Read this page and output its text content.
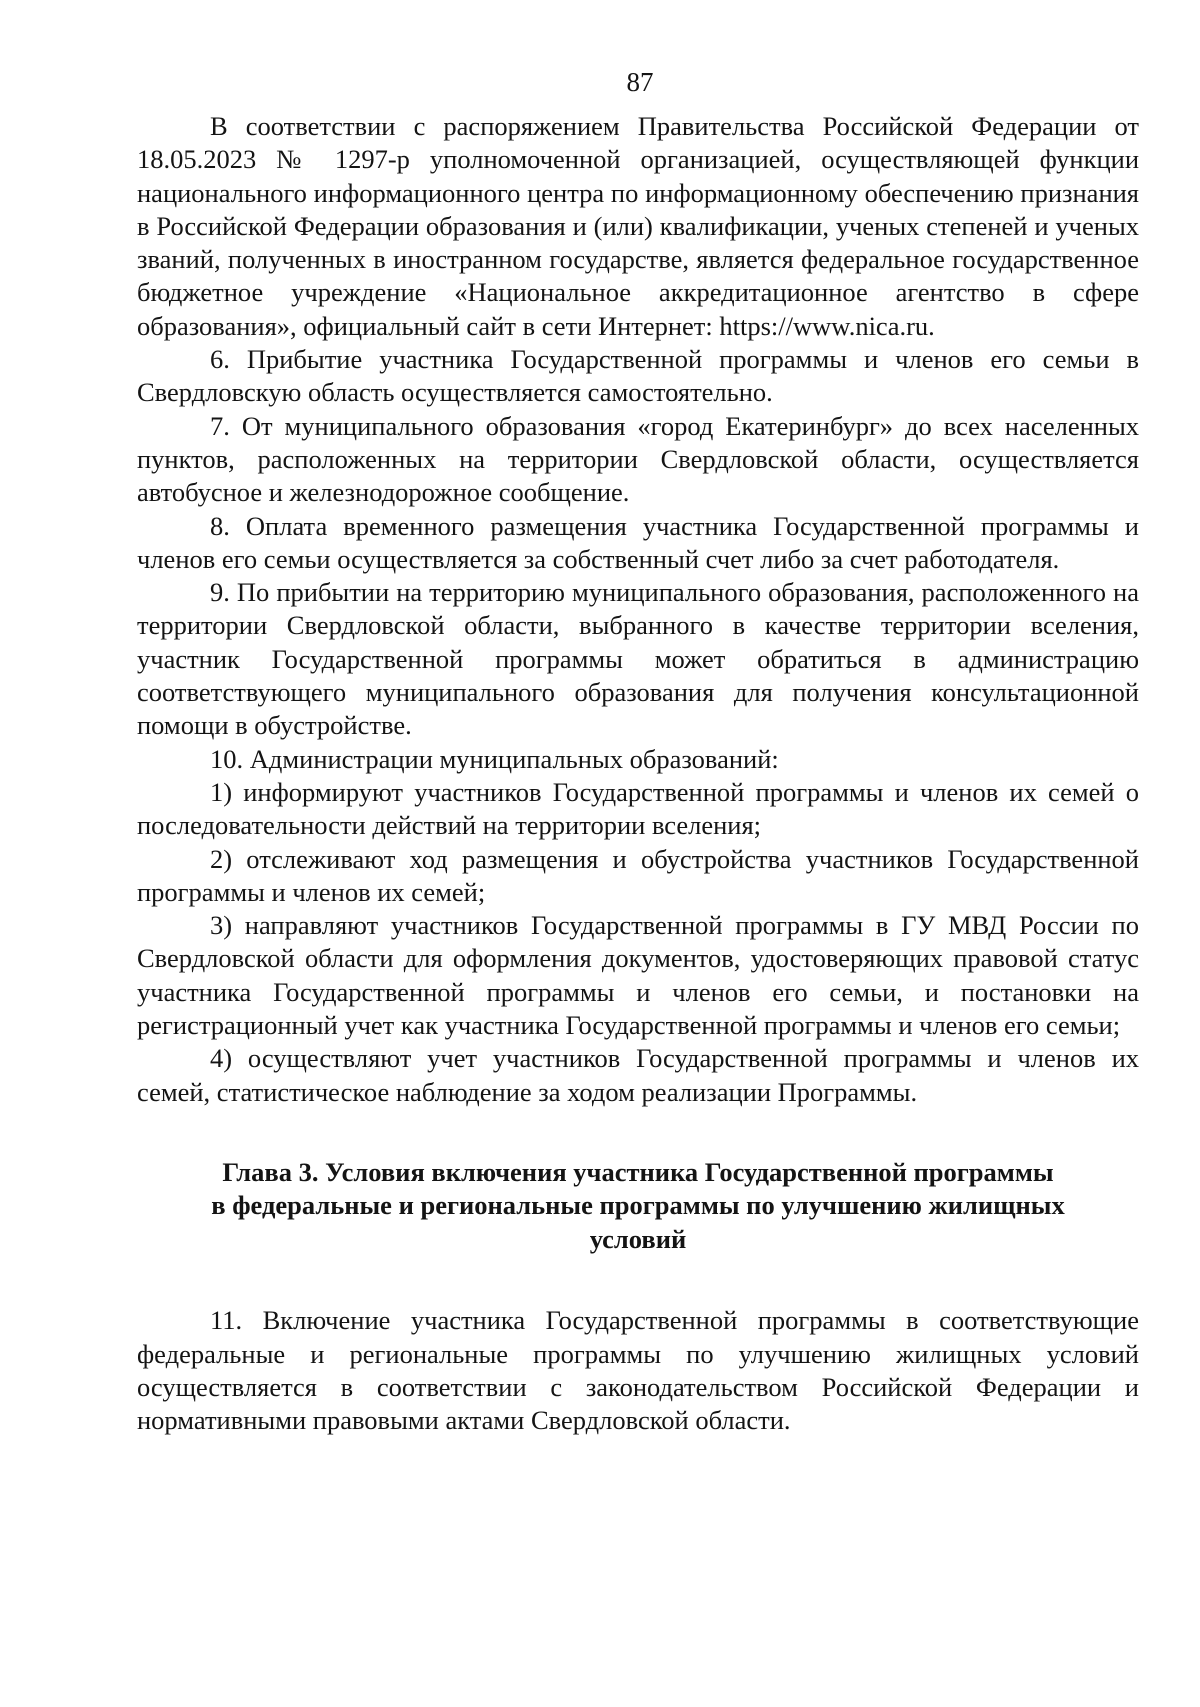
87

В соответствии с распоряжением Правительства Российской Федерации от 18.05.2023 № 1297-р уполномоченной организацией, осуществляющей функции национального информационного центра по информационному обеспечению признания в Российской Федерации образования и (или) квалификации, ученых степеней и ученых званий, полученных в иностранном государстве, является федеральное государственное бюджетное учреждение «Национальное аккредитационное агентство в сфере образования», официальный сайт в сети Интернет: https://www.nica.ru.

6. Прибытие участника Государственной программы и членов его семьи в Свердловскую область осуществляется самостоятельно.

7. От муниципального образования «город Екатеринбург» до всех населенных пунктов, расположенных на территории Свердловской области, осуществляется автобусное и железнодорожное сообщение.

8. Оплата временного размещения участника Государственной программы и членов его семьи осуществляется за собственный счет либо за счет работодателя.

9. По прибытии на территорию муниципального образования, расположенного на территории Свердловской области, выбранного в качестве территории вселения, участник Государственной программы может обратиться в администрацию соответствующего муниципального образования для получения консультационной помощи в обустройстве.

10. Администрации муниципальных образований:

1) информируют участников Государственной программы и членов их семей о последовательности действий на территории вселения;

2) отслеживают ход размещения и обустройства участников Государственной программы и членов их семей;

3) направляют участников Государственной программы в ГУ МВД России по Свердловской области для оформления документов, удостоверяющих правовой статус участника Государственной программы и членов его семьи, и постановки на регистрационный учет как участника Государственной программы и членов его семьи;

4) осуществляют учет участников Государственной программы и членов их семей, статистическое наблюдение за ходом реализации Программы.

Глава 3. Условия включения участника Государственной программы
в федеральные и региональные программы по улучшению жилищных
условий

11. Включение участника Государственной программы в соответствующие федеральные и региональные программы по улучшению жилищных условий осуществляется в соответствии с законодательством Российской Федерации и нормативными правовыми актами Свердловской области.
